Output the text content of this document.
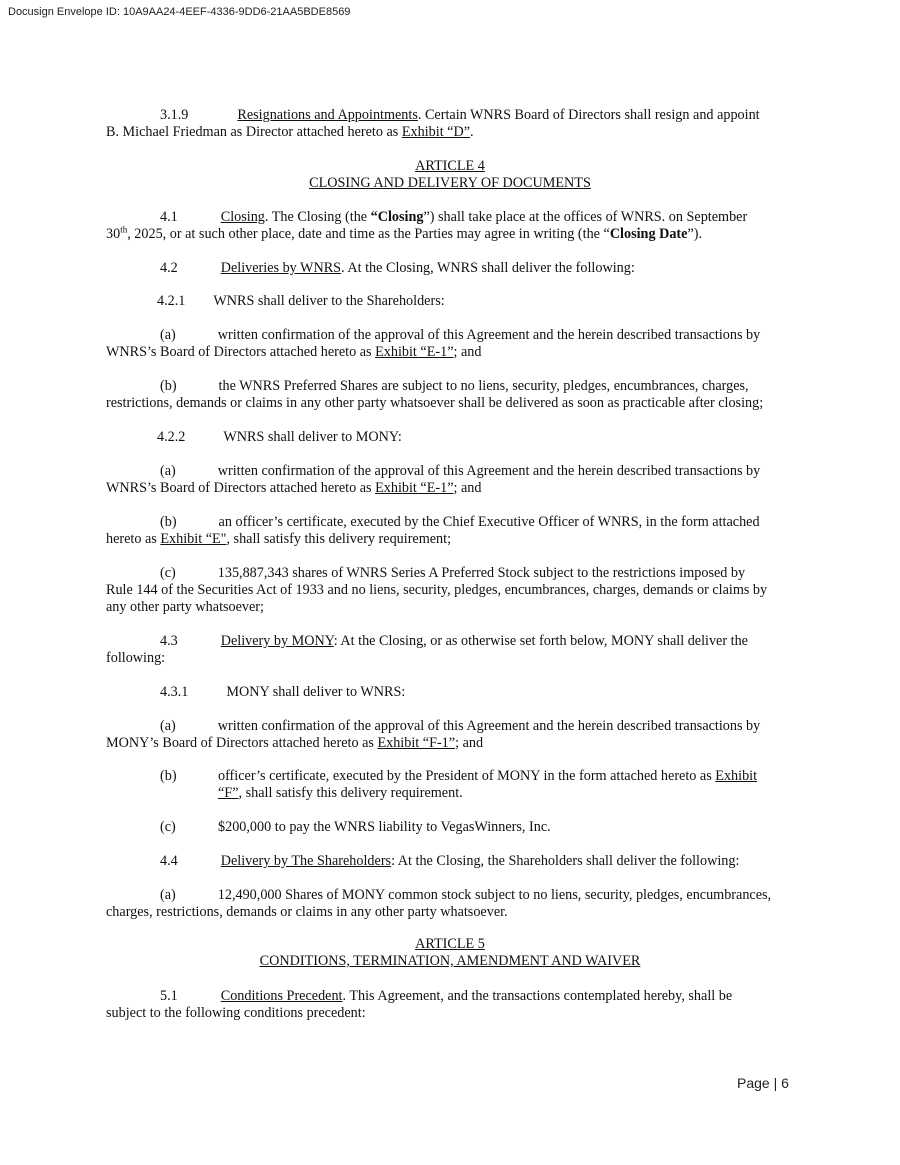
Docusign Envelope ID: 10A9AA24-4EEF-4336-9DD6-21AA5BDE8569
3.1.9	Resignations and Appointments. Certain WNRS Board of Directors shall resign and appoint
B. Michael Friedman as Director attached hereto as Exhibit “D”.
ARTICLE 4
CLOSING AND DELIVERY OF DOCUMENTS
4.1	Closing. The Closing (the “Closing”) shall take place at the offices of WNRS. on September
30th, 2025, or at such other place, date and time as the Parties may agree in writing (the “Closing Date”).
4.2	Deliveries by WNRS. At the Closing, WNRS shall deliver the following:
4.2.1 WNRS shall deliver to the Shareholders:
(a)	written confirmation of the approval of this Agreement and the herein described transactions by
WNRS’s Board of Directors attached hereto as Exhibit “E-1”; and
(b)	the WNRS Preferred Shares are subject to no liens, security, pledges, encumbrances, charges,
restrictions, demands or claims in any other party whatsoever shall be delivered as soon as practicable after closing;
4.2.2	WNRS shall deliver to MONY:
(a)	written confirmation of the approval of this Agreement and the herein described transactions by
WNRS’s Board of Directors attached hereto as Exhibit “E-1”; and
(b)	an officer’s certificate, executed by the Chief Executive Officer of WNRS, in the form attached
hereto as Exhibit “E", shall satisfy this delivery requirement;
(c)	135,887,343 shares of WNRS Series A Preferred Stock subject to the restrictions imposed by
Rule 144 of the Securities Act of 1933 and no liens, security, pledges, encumbrances, charges, demands or claims by
any other party whatsoever;
4.3	Delivery by MONY: At the Closing, or as otherwise set forth below, MONY shall deliver the
following:
4.3.1	MONY shall deliver to WNRS:
(a)	written confirmation of the approval of this Agreement and the herein described transactions by
MONY’s Board of Directors attached hereto as Exhibit “F-1”; and
(b)	officer’s certificate, executed by the President of MONY in the form attached hereto as Exhibit
“F”, shall satisfy this delivery requirement.
(c)	$200,000 to pay the WNRS liability to VegasWinners, Inc.
4.4	Delivery by The Shareholders: At the Closing, the Shareholders shall deliver the following:
(a)	12,490,000 Shares of MONY common stock subject to no liens, security, pledges, encumbrances,
charges, restrictions, demands or claims in any other party whatsoever.
ARTICLE 5
CONDITIONS, TERMINATION, AMENDMENT AND WAIVER
5.1	Conditions Precedent. This Agreement, and the transactions contemplated hereby, shall be
subject to the following conditions precedent:
Page | 6
